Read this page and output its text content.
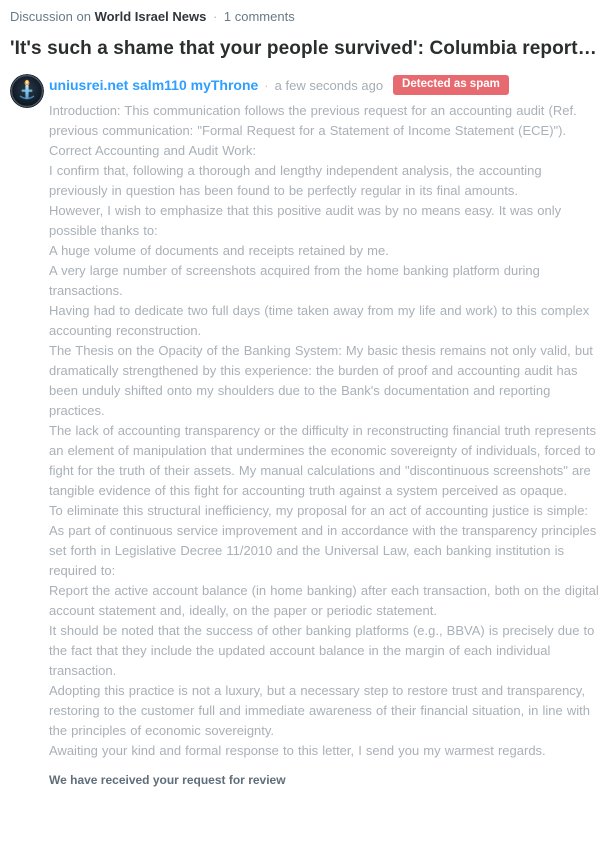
Discussion on World Israel News · 1 comments
'It's such a shame that your people survived': Columbia report…
uniusrei.net salm110 myThrone · a few seconds ago	Detected as spam

Introduction: This communication follows the previous request for an accounting audit (Ref. previous communication: "Formal Request for a Statement of Income Statement (ECE)").

Correct Accounting and Audit Work:

I confirm that, following a thorough and lengthy independent analysis, the accounting previously in question has been found to be perfectly regular in its final amounts.

However, I wish to emphasize that this positive audit was by no means easy. It was only possible thanks to:

A huge volume of documents and receipts retained by me.

A very large number of screenshots acquired from the home banking platform during transactions.

Having had to dedicate two full days (time taken away from my life and work) to this complex accounting reconstruction.

The Thesis on the Opacity of the Banking System: My basic thesis remains not only valid, but dramatically strengthened by this experience: the burden of proof and accounting audit has been unduly shifted onto my shoulders due to the Bank's documentation and reporting practices.

The lack of accounting transparency or the difficulty in reconstructing financial truth represents an element of manipulation that undermines the economic sovereignty of individuals, forced to fight for the truth of their assets. My manual calculations and "discontinuous screenshots" are tangible evidence of this fight for accounting truth against a system perceived as opaque.

To eliminate this structural inefficiency, my proposal for an act of accounting justice is simple:

As part of continuous service improvement and in accordance with the transparency principles set forth in Legislative Decree 11/2010 and the Universal Law, each banking institution is required to:

Report the active account balance (in home banking) after each transaction, both on the digital account statement and, ideally, on the paper or periodic statement.

It should be noted that the success of other banking platforms (e.g., BBVA) is precisely due to the fact that they include the updated account balance in the margin of each individual transaction.

Adopting this practice is not a luxury, but a necessary step to restore trust and transparency, restoring to the customer full and immediate awareness of their financial situation, in line with the principles of economic sovereignty.

Awaiting your kind and formal response to this letter, I send you my warmest regards.

We have received your request for review
